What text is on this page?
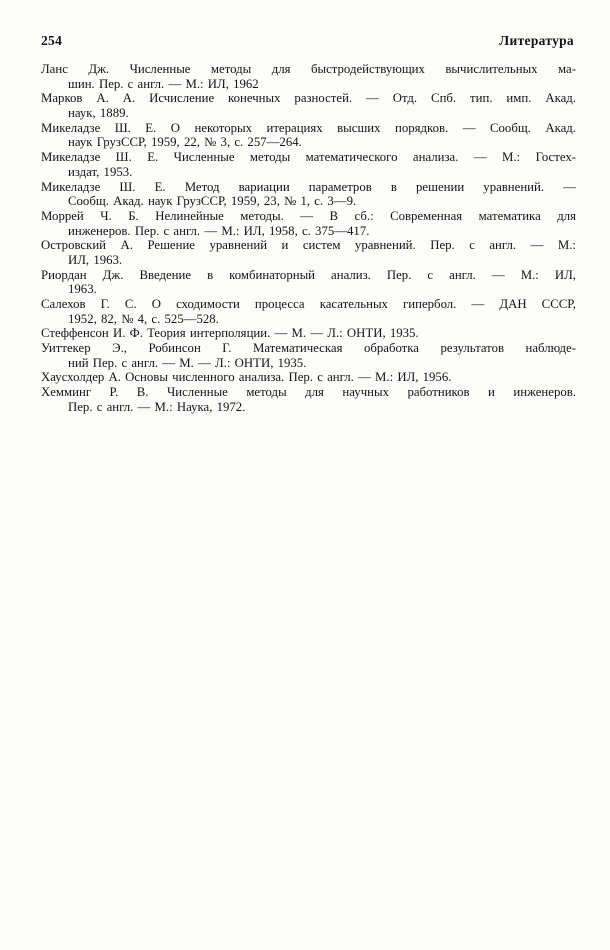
254	Литература
Ланс Дж. Численные методы для быстродействующих вычислительных ма-
шин. Пер. с англ. — М.: ИЛ, 1962
Марков А. А. Исчисление конечных разностей. — Отд. Спб. тип. имп. Акад.
наук, 1889.
Микеладзе Ш. Е. О некоторых итерациях высших порядков. — Сообщ. Акад.
наук ГрузССР, 1959, 22, № 3, с. 257—264.
Микеладзе Ш. Е. Численные методы математического анализа. — М.: Гостех-
издат, 1953.
Микеладзе Ш. Е. Метод вариации параметров в решении уравнений. —
Сообщ. Акад. наук ГрузССР, 1959, 23, № 1, с. 3—9.
Моррей Ч. Б. Нелинейные методы. — В сб.: Современная математика для
инженеров. Пер. с англ. — М.: ИЛ, 1958, с. 375—417.
Островский А. Решение уравнений и систем уравнений. Пер. с англ. — М.:
ИЛ, 1963.
Риордан Дж. Введение в комбинаторный анализ. Пер. с англ. — М.: ИЛ,
1963.
Салехов Г. С. О сходимости процесса касательных гипербол. — ДАН СССР,
1952, 82, № 4, с. 525—528.
Стеффенсон И. Ф. Теория интерполяции. — М. — Л.: ОНТИ, 1935.
Уиттекер Э., Робинсон Г. Математическая обработка результатов наблюде-
ний Пер. с англ. — М. — Л.: ОНТИ, 1935.
Хаусхолдер А. Основы численного анализа. Пер. с англ. — М.: ИЛ, 1956.
Хемминг Р. В. Численные методы для научных работников и инженеров.
Пер. с англ. — М.: Наука, 1972.
